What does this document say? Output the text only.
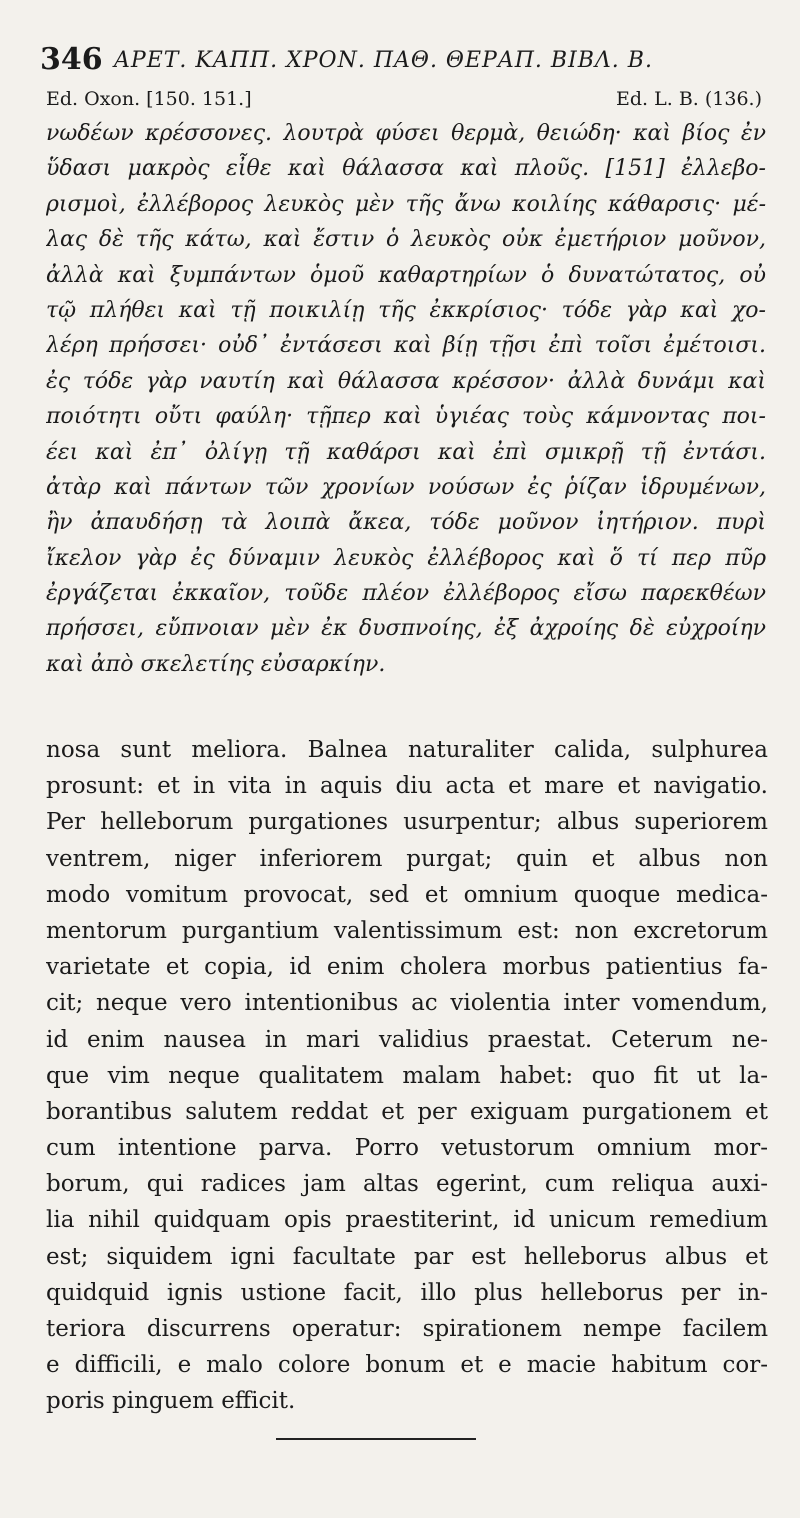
346 ΑΡΕΤ. ΚΑΠΠ. ΧΡΟΝ. ΠΑΘ. ΘΕΡΑΠ. ΒΙΒΛ. Β.
Ed. Oxon. [150. 151.]	Ed. L. B. (136.)
νωδέων κρέσσονες. λουτρὰ φύσει θερμὰ, θειώδη· καὶ βίος ἐν
ὕδασι μακρὸς εἶθε καὶ θάλασσα καὶ πλοῦς. [151] ἐλλεβο-
ρισμοὶ, ἐλλέβορος λευκὸς μὲν τῆς ἄνω κοιλίης κάθαρσις· μέ-
λας δὲ τῆς κάτω, καὶ ἔστιν ὁ λευκὸς οὐκ ἐμετήριον μοῦνον,
ἀλλὰ καὶ ξυμπάντων ὁμοῦ καθαρτηρίων ὁ δυνατώτατος, οὐ
τῷ πλήθει καὶ τῇ ποικιλίῃ τῆς ἐκκρίσιος· τόδε γὰρ καὶ χο-
λέρη πρήσσει· οὐδ᾽ ἐντάσεσι καὶ βίῃ τῇσι ἐπὶ τοῖσι ἐμέτοισι.
ἐς τόδε γὰρ ναυτίη καὶ θάλασσα κρέσσον· ἀλλὰ δυνάμι καὶ
ποιότητι οὔτι φαύλη· τῇπερ καὶ ὑγιέας τοὺς κάμνοντας ποι-
έει καὶ ἐπ᾽ ὀλίγῃ τῇ καθάρσι καὶ ἐπὶ σμικρῇ τῇ ἐντάσι.
ἀτὰρ καὶ πάντων τῶν χρονίων νούσων ἐς ῥίζαν ἱδρυμένων,
ἢν ἀπαυδήσῃ τὰ λοιπὰ ἄκεα, τόδε μοῦνον ἰητήριον. πυρὶ
ἴκελον γὰρ ἐς δύναμιν λευκὸς ἐλλέβορος καὶ ὅ τί περ πῦρ
ἐργάζεται ἐκκαῖον, τοῦδε πλέον ἐλλέβορος εἴσω παρεκθέων
πρήσσει, εὔπνοιαν μὲν ἐκ δυσπνοίης, ἐξ ἀχροίης δὲ εὐχροίην
καὶ ἀπὸ σκελετίης εὐσαρκίην.
nosa sunt meliora. Balnea naturaliter calida, sulphurea
prosunt: et in vita in aquis diu acta et mare et navigatio.
Per helleborum purgationes usurpentur; albus superiorem
ventrem, niger inferiorem purgat; quin et albus non
modo vomitum provocat, sed et omnium quoque medica-
mentorum purgantium valentissimum est: non excretorum
varietate et copia, id enim cholera morbus patientius fa-
cit; neque vero intentionibus ac violentia inter vomendum,
id enim nausea in mari validius praestat. Ceterum ne-
que vim neque qualitatem malam habet: quo fit ut la-
borantibus salutem reddat et per exiguam purgationem et
cum intentione parva. Porro vetustorum omnium mor-
borum, qui radices jam altas egerint, cum reliqua auxi-
lia nihil quidquam opis praestiterint, id unicum remedium
est; siquidem igni facultate par est helleborus albus et
quidquid ignis ustione facit, illo plus helleborus per in-
teriora discurrens operatur: spirationem nempe facilem
e difficili, e malo colore bonum et e macie habitum cor-
poris pinguem efficit.
